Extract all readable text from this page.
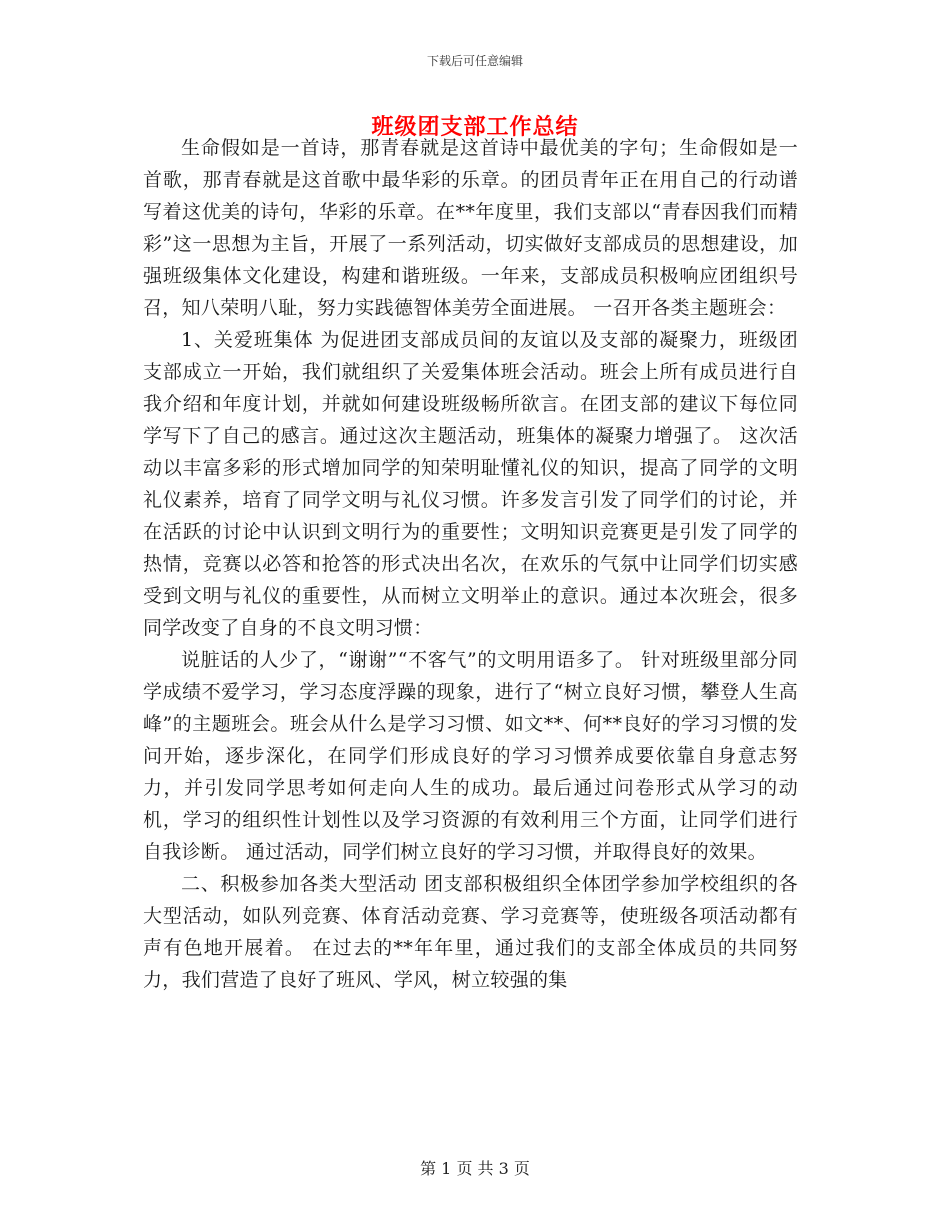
下载后可任意编辑
班级团支部工作总结

生命假如是一首诗，那青春就是这首诗中最优美的字句；生命假如是一首歌，那青春就是这首歌中最华彩的乐章。的团员青年正在用自己的行动谱写着这优美的诗句，华彩的乐章。在**年度里，我们支部以“青春因我们而精彩”这一思想为主旨，开展了一系列活动，切实做好支部成员的思想建设，加强班级集体文化建设，构建和谐班级。一年来，支部成员积极响应团组织号召，知八荣明八耻，努力实践德智体美劳全面进展。 一召开各类主题班会：

1、关爱班集体 为促进团支部成员间的友谊以及支部的凝聚力，班级团支部成立一开始，我们就组织了关爱集体班会活动。班会上所有成员进行自我介绍和年度计划，并就如何建设班级畅所欲言。在团支部的建议下每位同学写下了自己的感言。通过这次主题活动，班集体的凝聚力增强了。 这次活动以丰富多彩的形式增加同学的知荣明耻懂礼仪的知识，提高了同学的文明礼仪素养，培育了同学文明与礼仪习惯。许多发言引发了同学们的讨论，并在活跃的讨论中认识到文明行为的重要性；文明知识竞赛更是引发了同学的热情，竞赛以必答和抢答的形式决出名次，在欢乐的气氛中让同学们切实感受到文明与礼仪的重要性，从而树立文明举止的意识。通过本次班会，很多同学改变了自身的不良文明习惯：

说脏话的人少了，“谢谢”“不客气”的文明用语多了。 针对班级里部分同学成绩不爱学习，学习态度浮躁的现象，进行了“树立良好习惯，攀登人生高峰”的主题班会。班会从什么是学习习惯、如文**、何**良好的学习习惯的发问开始，逐步深化，在同学们形成良好的学习习惯养成要依靠自身意志努力，并引发同学思考如何走向人生的成功。最后通过问卷形式从学习的动机，学习的组织性计划性以及学习资源的有效利用三个方面，让同学们进行自我诊断。 通过活动，同学们树立良好的学习习惯，并取得良好的效果。

二、积极参加各类大型活动 团支部积极组织全体团学参加学校组织的各大型活动，如队列竞赛、体育活动竞赛、学习竞赛等，使班级各项活动都有声有色地开展着。 在过去的**年年里，通过我们的支部全体成员的共同努力，我们营造了良好了班风、学风，树立较强的集

第 1 页 共 3 页
